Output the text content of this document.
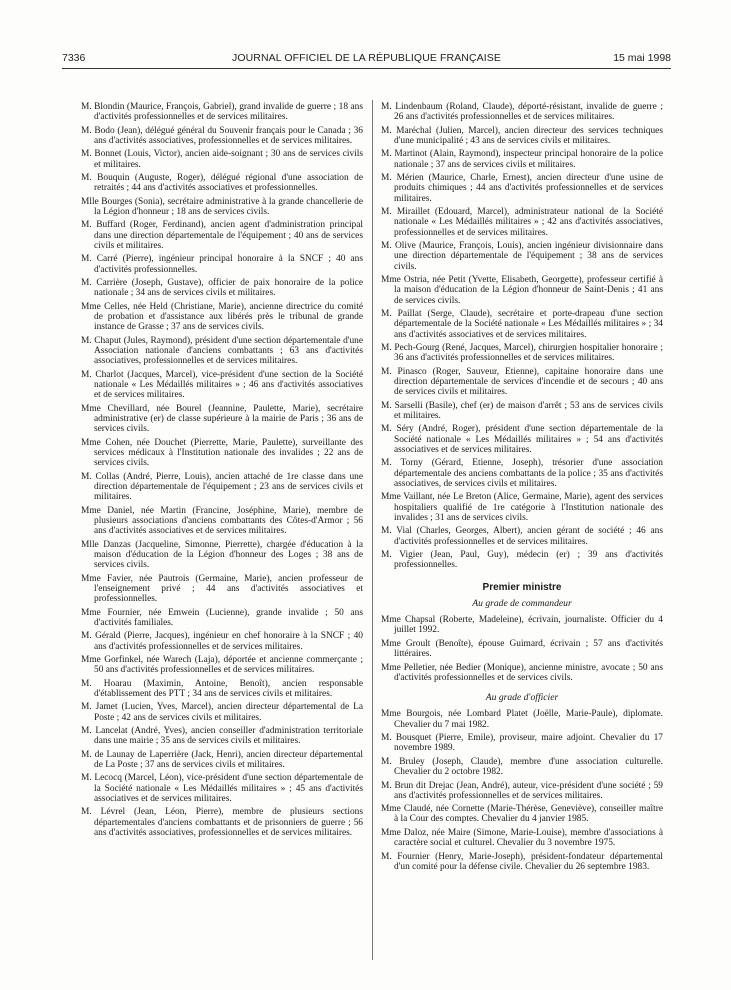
7336	JOURNAL OFFICIEL DE LA RÉPUBLIQUE FRANÇAISE	15 mai 1998

M. Blondin (Maurice, François, Gabriel), grand invalide de guerre ; 18 ans d'activités professionnelles et de services militaires.

M. Bodo (Jean), délégué général du Souvenir français pour le Canada ; 36 ans d'activités associatives, professionnelles et de services militaires.

M. Bonnet (Louis, Victor), ancien aide-soignant ; 30 ans de services civils et militaires.

M. Bouquin (Auguste, Roger), délégué régional d'une association de retraités ; 44 ans d'activités associatives et professionnelles.

Mlle Bourges (Sonia), secrétaire administrative à la grande chancellerie de la Légion d'honneur ; 18 ans de services civils.

M. Buffard (Roger, Ferdinand), ancien agent d'administration principal dans une direction départementale de l'équipement ; 40 ans de services civils et militaires.

M. Carré (Pierre), ingénieur principal honoraire à la SNCF ; 40 ans d'activités professionnelles.

M. Carrière (Joseph, Gustave), officier de paix honoraire de la police nationale ; 34 ans de services civils et militaires.

Mme Celles, née Held (Christiane, Marie), ancienne directrice du comité de probation et d'assistance aux libérés près le tribunal de grande instance de Grasse ; 37 ans de services civils.

M. Chaput (Jules, Raymond), président d'une section départementale d'une Association nationale d'anciens combattants ; 63 ans d'activités associatives, professionnelles et de services militaires.

M. Charlot (Jacques, Marcel), vice-président d'une section de la Société nationale « Les Médaillés militaires » ; 46 ans d'activités associatives et de services militaires.

Mme Chevillard, née Bourel (Jeannine, Paulette, Marie), secrétaire administrative (er) de classe supérieure à la mairie de Paris ; 36 ans de services civils.

Mme Cohen, née Douchet (Pierrette, Marie, Paulette), surveillante des services médicaux à l'Institution nationale des invalides ; 22 ans de services civils.

M. Collas (André, Pierre, Louis), ancien attaché de 1re classe dans une direction départementale de l'équipement ; 23 ans de services civils et militaires.

Mme Daniel, née Martin (Francine, Joséphine, Marie), membre de plusieurs associations d'anciens combattants des Côtes-d'Armor ; 56 ans d'activités associatives et de services militaires.

Mlle Danzas (Jacqueline, Simonne, Pierrette), chargée d'éducation à la maison d'éducation de la Légion d'honneur des Loges ; 38 ans de services civils.

Mme Favier, née Pautrois (Germaine, Marie), ancien professeur de l'enseignement privé ; 44 ans d'activités associatives et professionnelles.

Mme Fournier, née Emwein (Lucienne), grande invalide ; 50 ans d'activités familiales.

M. Gérald (Pierre, Jacques), ingénieur en chef honoraire à la SNCF ; 40 ans d'activités professionnelles et de services militaires.

Mme Gorfinkel, née Warech (Laja), déportée et ancienne commerçante ; 50 ans d'activités professionnelles et de services militaires.

M. Hoarau (Maximin, Antoine, Benoît), ancien responsable d'établissement des PTT ; 34 ans de services civils et militaires.

M. Jamet (Lucien, Yves, Marcel), ancien directeur départemental de La Poste ; 42 ans de services civils et militaires.

M. Lancelat (André, Yves), ancien conseiller d'administration territoriale dans une mairie ; 35 ans de services civils et militaires.

M. de Launay de Laperrière (Jack, Henri), ancien directeur départemental de La Poste ; 37 ans de services civils et militaires.

M. Lecocq (Marcel, Léon), vice-président d'une section départementale de la Société nationale « Les Médaillés militaires » ; 45 ans d'activités associatives et de services militaires.

M. Lévrel (Jean, Léon, Pierre), membre de plusieurs sections départementales d'anciens combattants et de prisonniers de guerre ; 56 ans d'activités associatives, professionnelles et de services militaires.

M. Lindenbaum (Roland, Claude), déporté-résistant, invalide de guerre ; 26 ans d'activités professionnelles et de services militaires.

M. Maréchal (Julien, Marcel), ancien directeur des services techniques d'une municipalité ; 43 ans de services civils et militaires.

M. Martinot (Alain, Raymond), inspecteur principal honoraire de la police nationale ; 37 ans de services civils et militaires.

M. Mérien (Maurice, Charle, Ernest), ancien directeur d'une usine de produits chimiques ; 44 ans d'activités professionnelles et de services militaires.

M. Miraillet (Edouard, Marcel), administrateur national de la Société nationale « Les Médaillés militaires » ; 42 ans d'activités associatives, professionnelles et de services militaires.

M. Olive (Maurice, François, Louis), ancien ingénieur divisionnaire dans une direction départementale de l'équipement ; 38 ans de services civils.

Mme Ostria, née Petit (Yvette, Elisabeth, Georgette), professeur certifié à la maison d'éducation de la Légion d'honneur de Saint-Denis ; 41 ans de services civils.

M. Paillat (Serge, Claude), secrétaire et porte-drapeau d'une section départementale de la Société nationale « Les Médaillés militaires » ; 34 ans d'activités associatives et de services militaires.

M. Pech-Gourg (René, Jacques, Marcel), chirurgien hospitalier honoraire ; 36 ans d'activités professionnelles et de services militaires.

M. Pinasco (Roger, Sauveur, Etienne), capitaine honoraire dans une direction départementale de services d'incendie et de secours ; 40 ans de services civils et militaires.

M. Sarselli (Basile), chef (er) de maison d'arrêt ; 53 ans de services civils et militaires.

M. Séry (André, Roger), président d'une section départementale de la Société nationale « Les Médaillés militaires » ; 54 ans d'activités associatives et de services militaires.

M. Torny (Gérard, Etienne, Joseph), trésorier d'une association départementale des anciens combattants de la police ; 35 ans d'activités associatives, de services civils et militaires.

Mme Vaillant, née Le Breton (Alice, Germaine, Marie), agent des services hospitaliers qualifié de 1re catégorie à l'Institution nationale des invalides ; 31 ans de services civils.

M. Vial (Charles, Georges, Albert), ancien gérant de société ; 46 ans d'activités professionnelles et de services militaires.

M. Vigier (Jean, Paul, Guy), médecin (er) ; 39 ans d'activités professionnelles.

Premier ministre
Au grade de commandeur

Mme Chapsal (Roberte, Madeleine), écrivain, journaliste. Officier du 4 juillet 1992.

Mme Groult (Benoîte), épouse Guimard, écrivain ; 57 ans d'activités littéraires.

Mme Pelletier, née Bedier (Monique), ancienne ministre, avocate ; 50 ans d'activités professionnelles et de services civils.

Au grade d'officier

Mme Bourgois, née Lombard Platet (Joëlle, Marie-Paule), diplomate. Chevalier du 7 mai 1982.

M. Bousquet (Pierre, Emile), proviseur, maire adjoint. Chevalier du 17 novembre 1989.

M. Bruley (Joseph, Claude), membre d'une association culturelle. Chevalier du 2 octobre 1982.

M. Brun dit Drejac (Jean, André), auteur, vice-président d'une société ; 59 ans d'activités professionnelles et de services militaires.

Mme Claudé, née Cornette (Marie-Thérèse, Geneviève), conseiller maître à la Cour des comptes. Chevalier du 4 janvier 1985.

Mme Daloz, née Maire (Simone, Marie-Louise), membre d'associations à caractère social et culturel. Chevalier du 3 novembre 1975.

M. Fournier (Henry, Marie-Joseph), président-fondateur départemental d'un comité pour la défense civile. Chevalier du 26 septembre 1983.
